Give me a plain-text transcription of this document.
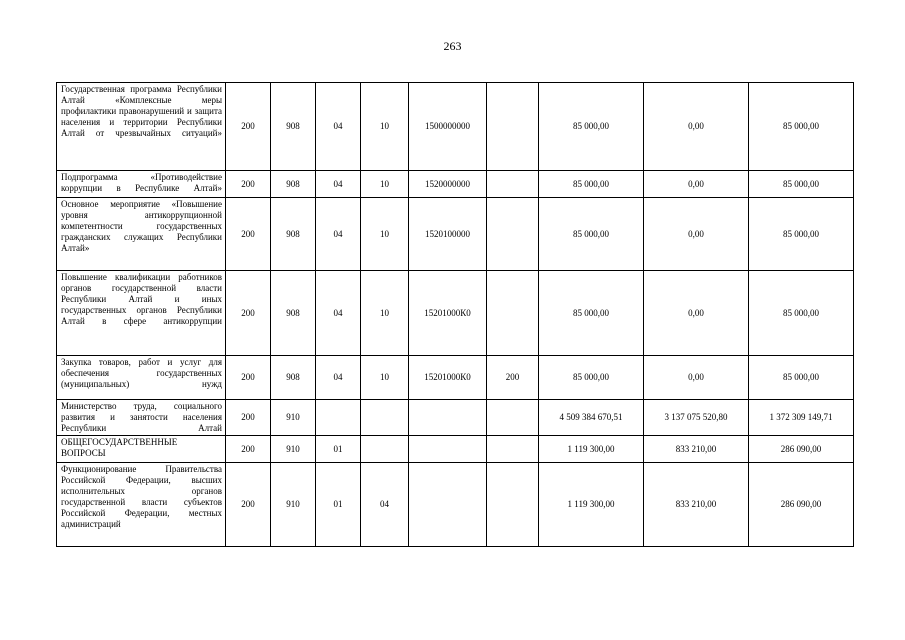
263
Государственная программа Республики Алтай «Комплексные меры профилактики правонарушений и защита населения и территории Республики Алтай от чрезвычайных ситуаций»	200	908	04	10	1500000000		85 000,00	0,00	85 000,00
Подпрограмма «Противодействие коррупции в Республике Алтай»	200	908	04	10	1520000000		85 000,00	0,00	85 000,00
Основное мероприятие «Повышение уровня антикоррупционной компетентности государственных гражданских служащих Республики Алтай»	200	908	04	10	1520100000		85 000,00	0,00	85 000,00
Повышение квалификации работников органов государственной власти Республики Алтай и иных государственных органов Республики Алтай в сфере антикоррупции	200	908	04	10	15201000К0		85 000,00	0,00	85 000,00
Закупка товаров, работ и услуг для обеспечения государственных (муниципальных) нужд	200	908	04	10	15201000К0	200	85 000,00	0,00	85 000,00
Министерство труда, социального развития и занятости населения Республики Алтай	200	910					4 509 384 670,51	3 137 075 520,80	1 372 309 149,71
ОБЩЕГОСУДАРСТВЕННЫЕ ВОПРОСЫ	200	910	01				1 119 300,00	833 210,00	286 090,00
Функционирование Правительства Российской Федерации, высших исполнительных органов государственной власти субъектов Российской Федерации, местных администраций	200	910	01	04			1 119 300,00	833 210,00	286 090,00
